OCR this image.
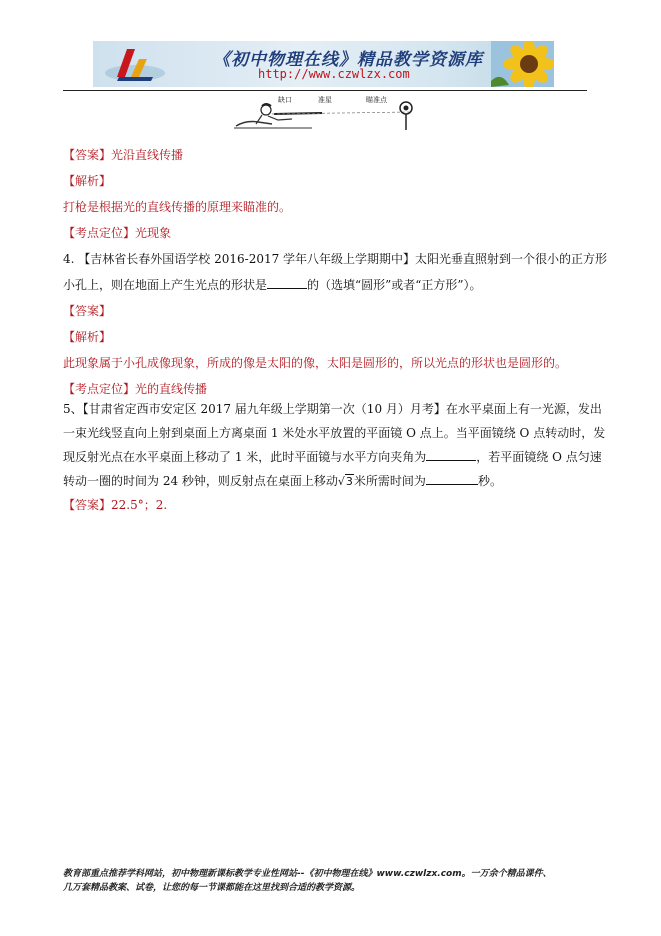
《初中物理在线》精品教学资源库
http://www.czwlzx.com
缺口	准星	瞄准点
【答案】光沿直线传播
【解析】
打枪是根据光的直线传播的原理来瞄准的。
【考点定位】光现象
4. 【吉林省长春外国语学校 2016-2017 学年八年级上学期期中】太阳光垂直照射到一个很小的正方形
小孔上，则在地面上产生光点的形状是	的（选填“圆形”或者“正方形”）。
【答案】
【解析】
此现象属于小孔成像现象，所成的像是太阳的像，太阳是圆形的，所以光点的形状也是圆形的。
【考点定位】光的直线传播
5、【甘肃省定西市安定区 2017 届九年级上学期第一次（10 月）月考】在水平桌面上有一光源，发出
一束光线竖直向上射到桌面上方离桌面 1 米处水平放置的平面镜 O 点上。当平面镜绕 O 点转动时，发
现反射光点在水平桌面上移动了 1 米，此时平面镜与水平方向夹角为	，若平面镜绕 O 点匀速
转动一圈的时间为 24 秒钟，则反射点在桌面上移动√3米所需时间为	秒。
【答案】22.5°；2.
教育部重点推荐学科网站，初中物理新课标教学专业性网站--《初中物理在线》www.czwlzx.com。一万余个精品课件、
几万套精品教案、试卷，让您的每一节课都能在这里找到合适的教学资源。
